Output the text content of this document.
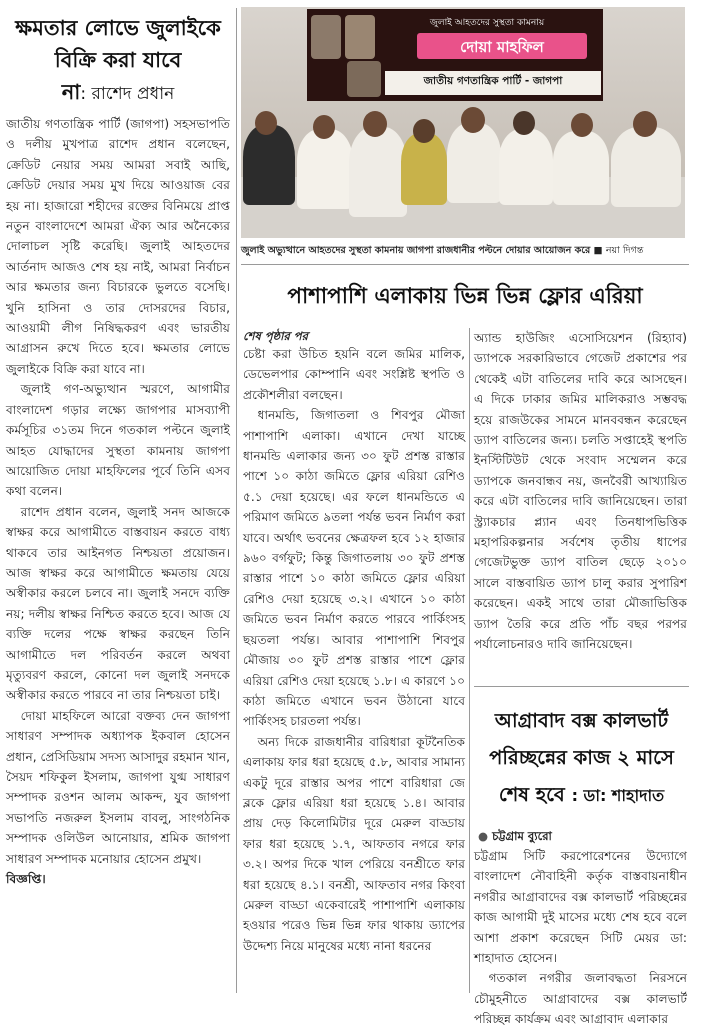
ক্ষমতার লোভে জুলাইকে
বিক্রি করা যাবে
না: রাশেদ প্রধান

জাতীয় গণতান্ত্রিক পার্টি (জাগপা) সহসভাপতি ও দলীয় মুখপাত্র রাশেদ প্রধান বলেছেন, ক্রেডিট নেয়ার সময় আমরা সবাই আছি, ক্রেডিট দেয়ার সময় মুখ দিয়ে আওয়াজ বের হয় না। হাজারো শহীদের রক্তের বিনিময়ে প্রাপ্ত নতুন বাংলাদেশে আমরা ঐক্য আর অনৈক্যের দোলাচল সৃষ্টি করেছি। জুলাই আহতদের আর্তনাদ আজও শেষ হয় নাই, আমরা নির্বাচন আর ক্ষমতার জন্য বিচারকে ভুলতে বসেছি। খুনি হাসিনা ও তার দোসরদের বিচার, আওয়ামী লীগ নিষিদ্ধকরণ এবং ভারতীয় আগ্রাসন রুখে দিতে হবে। ক্ষমতার লোভে জুলাইকে বিক্রি করা যাবে না।

জুলাই গণ-অভ্যুত্থান স্মরণে, আগামীর বাংলাদেশ গড়ার লক্ষ্যে জাগপার মাসব্যাপী কর্মসূচির ৩১তম দিনে গতকাল পল্টনে জুলাই আহত যোদ্ধাদের সুস্থতা কামনায় জাগপা আয়োজিত দোয়া মাহফিলের পূর্বে তিনি এসব কথা বলেন।

রাশেদ প্রধান বলেন, জুলাই সনদ আজকে স্বাক্ষর করে আগামীতে বাস্তবায়ন করতে বাধ্য থাকবে তার আইনগত নিশ্চয়তা প্রয়োজন। আজ স্বাক্ষর করে আগামীতে ক্ষমতায় যেয়ে অস্বীকার করলে চলবে না। জুলাই সনদে ব্যক্তি নয়; দলীয় স্বাক্ষর নিশ্চিত করতে হবে। আজ যে ব্যক্তি দলের পক্ষে স্বাক্ষর করছেন তিনি আগামীতে দল পরিবর্তন করলে অথবা মৃত্যুবরণ করলে, কোনো দল জুলাই সনদকে অস্বীকার করতে পারবে না তার নিশ্চয়তা চাই।

দোয়া মাহফিলে আরো বক্তব্য দেন জাগপা সাধারণ সম্পাদক অধ্যাপক ইকবাল হোসেন প্রধান, প্রেসিডিয়াম সদস্য আসাদুর রহমান খান, সৈয়দ শফিকুল ইসলাম, জাগপা যুগ্ম সাধারণ সম্পাদক রওশন আলম আকন্দ, যুব জাগপা সভাপতি নজরুল ইসলাম বাবলু, সাংগঠনিক সম্পাদক ওলিউল আনোয়ার, শ্রমিক জাগপা সাধারণ সম্পাদক মনোয়ার হোসেন প্রমুখ।

বিজ্ঞপ্তি।

জুলাই আহতদের সুস্থতা কামনায়
দোয়া মাহফিল
জাতীয় গণতান্ত্রিক পার্টি - জাগপা
জুলাই অভ্যুত্থানে আহতদের সুস্থতা কামনায় জাগপা রাজধানীর পল্টনে দোয়ার আয়োজন করে ■ নয়া দিগন্ত
পাশাপাশি এলাকায় ভিন্ন ভিন্ন ফ্লোর এরিয়া
শেষ পৃষ্ঠার পর

চেষ্টা করা উচিত হয়নি বলে জমির মালিক, ডেভেলপার কোম্পানি এবং সংশ্লিষ্ট স্থপতি ও প্রকৌশলীরা বলছেন।

ধানমন্ডি, জিগাতলা ও শিবপুর মৌজা পাশাপাশি এলাকা। এখানে দেখা যাচ্ছে ধানমন্ডি এলাকার জন্য ৩০ ফুট প্রশস্ত রাস্তার পাশে ১০ কাঠা জমিতে ফ্লোর এরিয়া রেশিও ৫.১ দেয়া হয়েছে। এর ফলে ধানমন্ডিতে এ পরিমাণ জমিতে ৯তলা পর্যন্ত ভবন নির্মাণ করা যাবে। অর্থাৎ ভবনের ক্ষেত্রফল হবে ১২ হাজার ৯৬০ বর্গফুট; কিন্তু জিগাতলায় ৩০ ফুট প্রশস্ত রাস্তার পাশে ১০ কাঠা জমিতে ফ্লোর এরিয়া রেশিও দেয়া হয়েছে ৩.২। এখানে ১০ কাঠা জমিতে ভবন নির্মাণ করতে পারবে পার্কিংসহ ছয়তলা পর্যন্ত। আবার পাশাপাশি শিবপুর মৌজায় ৩০ ফুট প্রশস্ত রাস্তার পাশে ফ্লোর এরিয়া রেশিও দেয়া হয়েছে ১.৮। এ কারণে ১০ কাঠা জমিতে এখানে ভবন উঠানো যাবে পার্কিংসহ চারতলা পর্যন্ত।

অন্য দিকে রাজধানীর বারিধারা কূটনৈতিক এলাকায় ফার ধরা হয়েছে ৫.৮, আবার সামান্য একটু দূরে রাস্তার অপর পাশে বারিধারা জে ব্লকে ফ্লোর এরিয়া ধরা হয়েছে ১.৪। আবার প্রায় দেড় কিলোমিটার দূরে মেরুল বাড্ডায় ফার ধরা হয়েছে ১.৭, আফতাব নগরে ফার ৩.২। অপর দিকে খাল পেরিয়ে বনশ্রীতে ফার ধরা হয়েছে ৪.১। বনশ্রী, আফতাব নগর কিংবা মেরুল বাড্ডা একেবারেই পাশাপাশি এলাকায় হওয়ার পরেও ভিন্ন ভিন্ন ফার থাকায় ড্যাপের উদ্দেশ্য নিয়ে মানুষের মধ্যে নানা ধরনের

অ্যান্ড হাউজিং এসোসিয়েশন (রিহ্যাব) ড্যাপকে সরকারিভাবে গেজেট প্রকাশের পর থেকেই এটা বাতিলের দাবি করে আসছেন। এ দিকে ঢাকার জমির মালিকরাও সম্ভবদ্ধ হয়ে রাজউকের সামনে মানববন্ধন করেছেন ড্যাপ বাতিলের জন্য। চলতি সপ্তাহেই স্থপতি ইনস্টিটিউট থেকে সংবাদ সম্মেলন করে ড্যাপকে জনবান্ধব নয়, জনবৈরী আখ্যায়িত করে এটা বাতিলের দাবি জানিয়েছেন। তারা স্ট্র্যাকচার প্ল্যান এবং তিনধাপভিত্তিক মহাপরিকল্পনার সর্বশেষ তৃতীয় ধাপের গেজেটভুক্ত ড্যাপ বাতিল ছেড়ে ২০১০ সালে বাস্তবায়িত ড্যাপ চালু করার সুপারিশ করেছেন। একই সাথে তারা মৌজাভিত্তিক ড্যাপ তৈরি করে প্রতি পাঁচ বছর পরপর পর্যালোচনারও দাবি জানিয়েছেন।

আগ্রাবাদ বক্স কালভার্ট
পরিচ্ছন্নের কাজ ২ মাসে
শেষ হবে : ডা: শাহাদাত
● চট্টগ্রাম ব্যুরো

চট্টগ্রাম সিটি করপোরেশনের উদ্যোগে বাংলাদেশ নৌবাহিনী কর্তৃক বাস্তবায়নাধীন নগরীর আগ্রাবাদের বক্স কালভার্ট পরিচ্ছন্নের কাজ আগামী দুই মাসের মধ্যে শেষ হবে বলে আশা প্রকাশ করেছেন সিটি মেয়র ডা: শাহাদাত হোসেন।

গতকাল নগরীর জলাবদ্ধতা নিরসনে চৌমুহনীতে আগ্রাবাদের বক্স কালভার্ট পরিচ্ছন্ন কার্যক্রম এবং আগ্রাবাদ এলাকার
